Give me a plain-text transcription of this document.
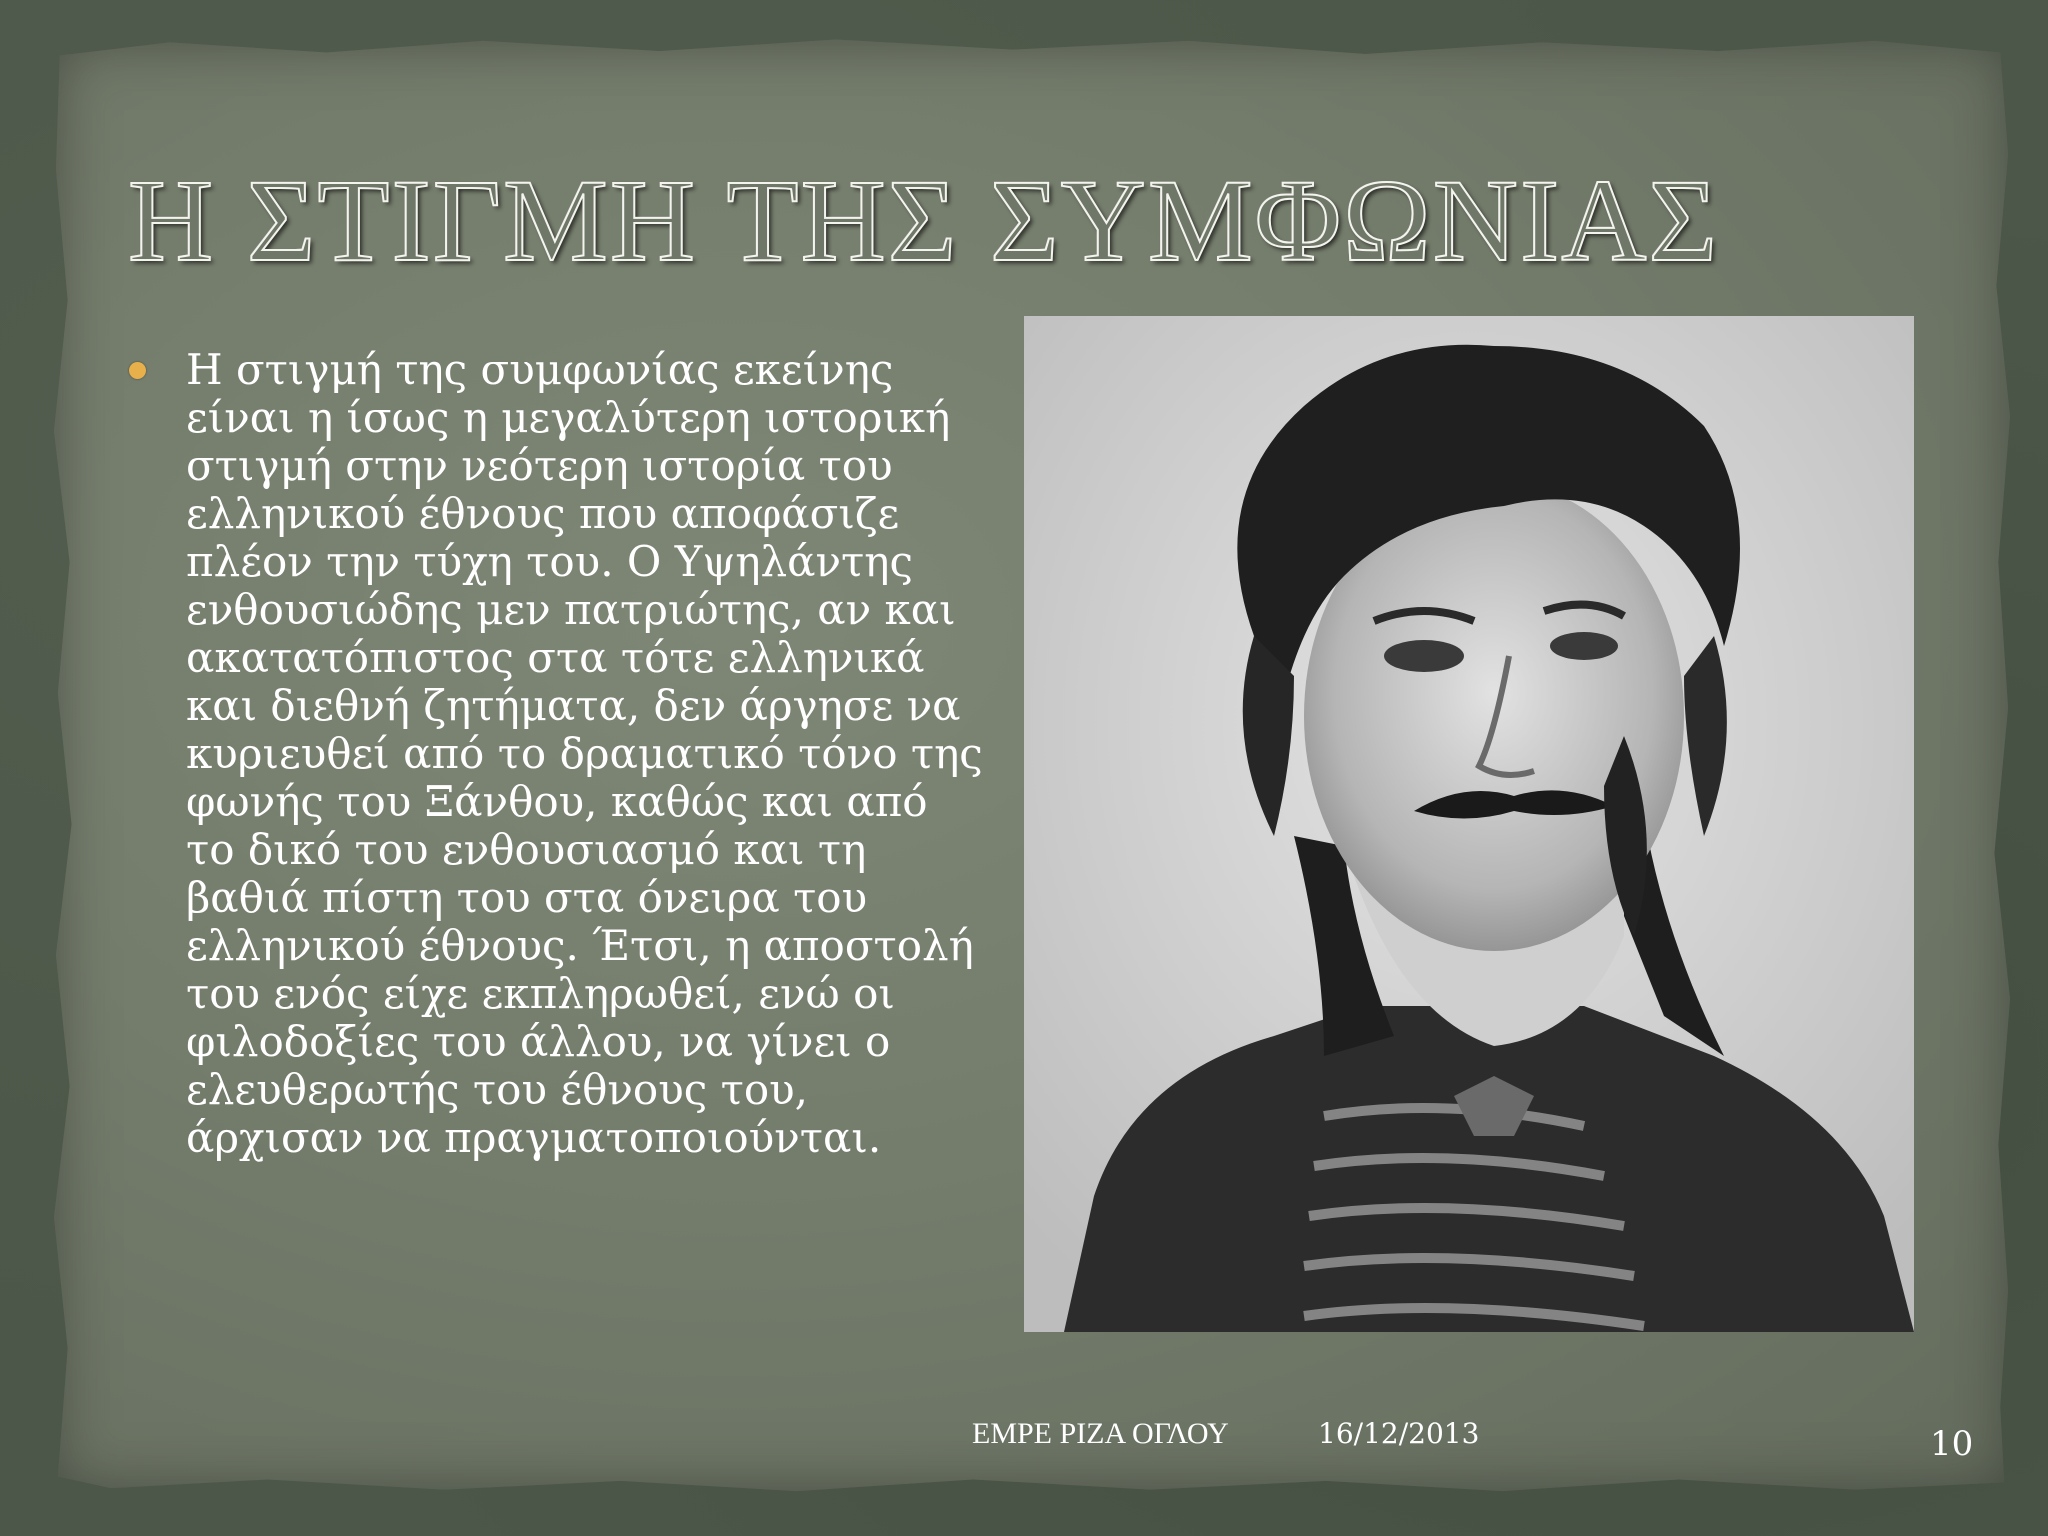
Η ΣΤΙΓΜΗ ΤΗΣ ΣΥΜΦΩΝΙΑΣ

Η στιγμή της συμφωνίας εκείνης
είναι η ίσως η μεγαλύτερη ιστορική
στιγμή στην νεότερη ιστορία του
ελληνικού έθνους που αποφάσιζε
πλέον την τύχη του. Ο Υψηλάντης
ενθουσιώδης μεν πατριώτης, αν και
ακατατόπιστος στα τότε ελληνικά
και διεθνή ζητήματα, δεν άργησε να
κυριευθεί από το δραματικό τόνο της
φωνής του Ξάνθου, καθώς και από
το δικό του ενθουσιασμό και τη
βαθιά πίστη του στα όνειρα του
ελληνικού έθνους. Έτσι, η αποστολή
του ενός είχε εκπληρωθεί, ενώ οι
φιλοδοξίες του άλλου, να γίνει ο
ελευθερωτής του έθνους του,
άρχισαν να πραγματοποιούνται.

ΕΜΡΕ ΡΙΖΑ ΟΓΛΟΥ	16/12/2013	10
